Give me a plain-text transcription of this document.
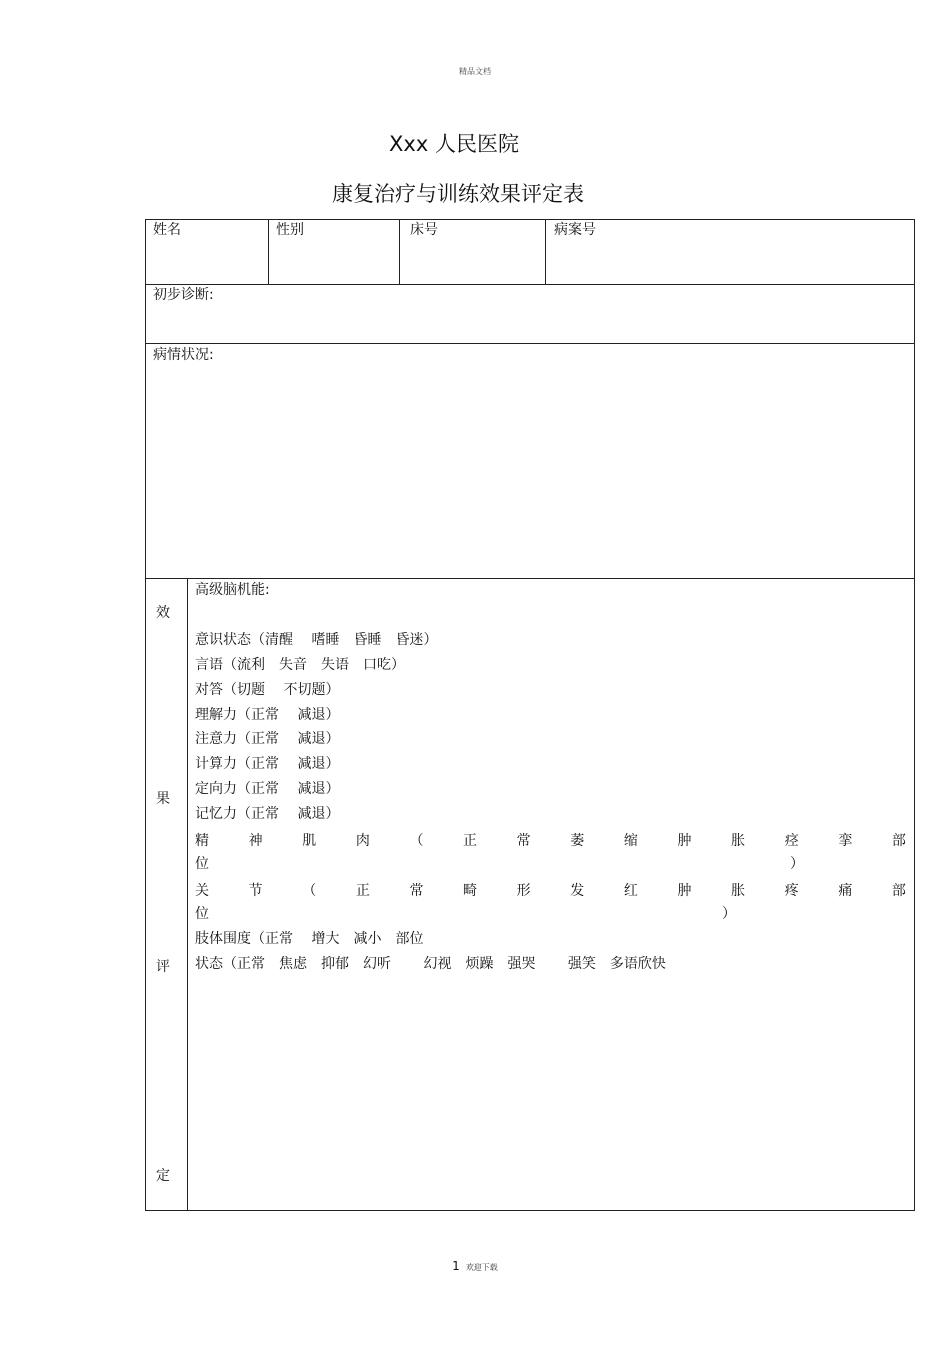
精品文档
Xxx 人民医院
康复治疗与训练效果评定表
姓名	性别	床号	病案号
初步诊断:
病情状况:
效
果
评
定
高级脑机能:
意识状态（清醒　 嗜睡　昏睡　昏迷）
言语（流利　失音　失语　口吃）
对答（切题　 不切题）
理解力（正常　 减退）
注意力（正常　 减退）
计算力（正常　 减退）
定向力（正常　 减退）
记忆力（正常　 减退）
精	神	肌	肉	（	正	常	萎	缩	肿	胀	痉	挛	部
位	）
关	节	（	正	常	畸	形	发	红	肿	胀	疼	痛	部
位	）
肢体围度（正常　 增大　减小　部位
状态（正常　焦虑　抑郁　幻听　　 幻视　烦躁　强哭　　 强笑　多语欣快
1 欢迎下载
